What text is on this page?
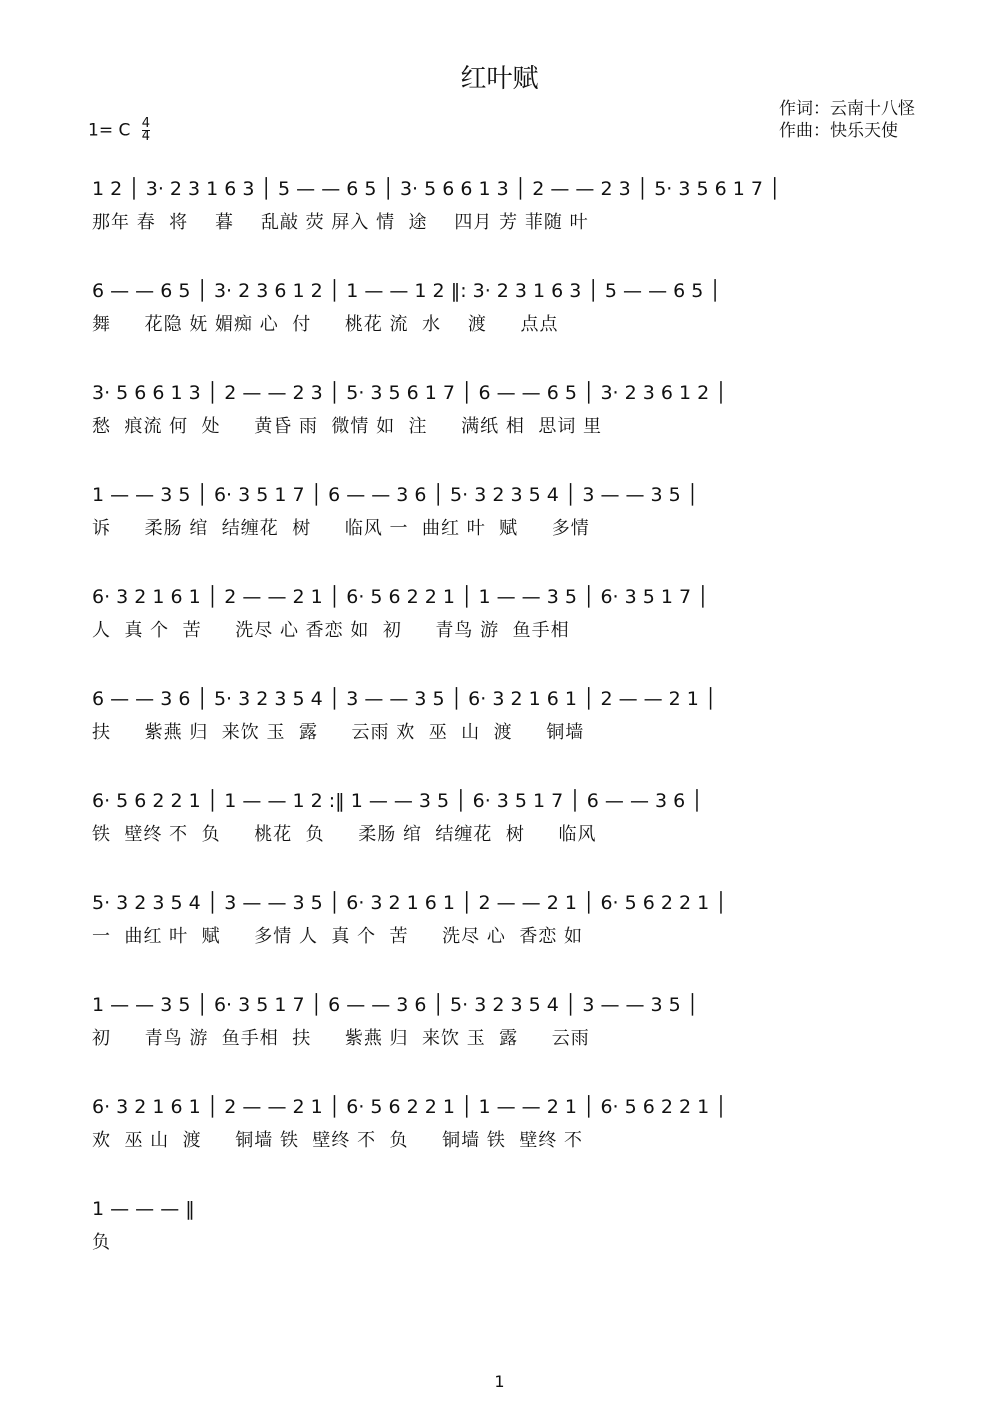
红叶赋
作词：云南十八怪
作曲：快乐天使
1= C $\frac{4}{4}$
1 2 │ 3· 2 3 1 6 3 │ 5 — — 6 5 │ 3· 5 6 6 1 3 │ 2 — — 2 3 │ 5· 3 5 6 1 7 │
那年 春  将    暮    乱敲 荧 屏入 情  途    四月 芳 菲随 叶
6 — — 6 5 │ 3· 2 3 6 1 2 │ 1 — — 1 2 ‖: 3· 2 3 1 6 3 │ 5 — — 6 5 │
舞     花隐 妩 媚痴 心  付     桃花 流  水    渡     点点
3· 5 6 6 1 3 │ 2 — — 2 3 │ 5· 3 5 6 1 7 │ 6 — — 6 5 │ 3· 2 3 6 1 2 │
愁  痕流 何  处     黄昏 雨  微情 如  注     满纸 相  思词 里
1 — — 3 5 │ 6· 3 5 1 7 │ 6 — — 3 6 │ 5· 3 2 3 5 4 │ 3 — — 3 5 │
诉     柔肠 绾  结缠花  树     临风 一  曲红 叶  赋     多情
6· 3 2 1 6 1 │ 2 — — 2 1 │ 6· 5 6 2 2 1 │ 1 — — 3 5 │ 6· 3 5 1 7 │
人  真 个  苦     洗尽 心 香恋 如  初     青鸟 游  鱼手相
6 — — 3 6 │ 5· 3 2 3 5 4 │ 3 — — 3 5 │ 6· 3 2 1 6 1 │ 2 — — 2 1 │
扶     紫燕 归  来饮 玉  露     云雨 欢  巫  山  渡     铜墙
6· 5 6 2 2 1 │ 1 — — 1 2 :‖ 1 — — 3 5 │ 6· 3 5 1 7 │ 6 — — 3 6 │
铁  壁终 不  负     桃花  负     柔肠 绾  结缠花  树     临风
5· 3 2 3 5 4 │ 3 — — 3 5 │ 6· 3 2 1 6 1 │ 2 — — 2 1 │ 6· 5 6 2 2 1 │
一  曲红 叶  赋     多情 人  真 个  苦     洗尽 心  香恋 如
1 — — 3 5 │ 6· 3 5 1 7 │ 6 — — 3 6 │ 5· 3 2 3 5 4 │ 3 — — 3 5 │
初     青鸟 游  鱼手相  扶     紫燕 归  来饮 玉  露     云雨
6· 3 2 1 6 1 │ 2 — — 2 1 │ 6· 5 6 2 2 1 │ 1 — — 2 1 │ 6· 5 6 2 2 1 │
欢  巫 山  渡     铜墙 铁  壁终 不  负     铜墙 铁  壁终 不
1 — — — ‖
负
1
